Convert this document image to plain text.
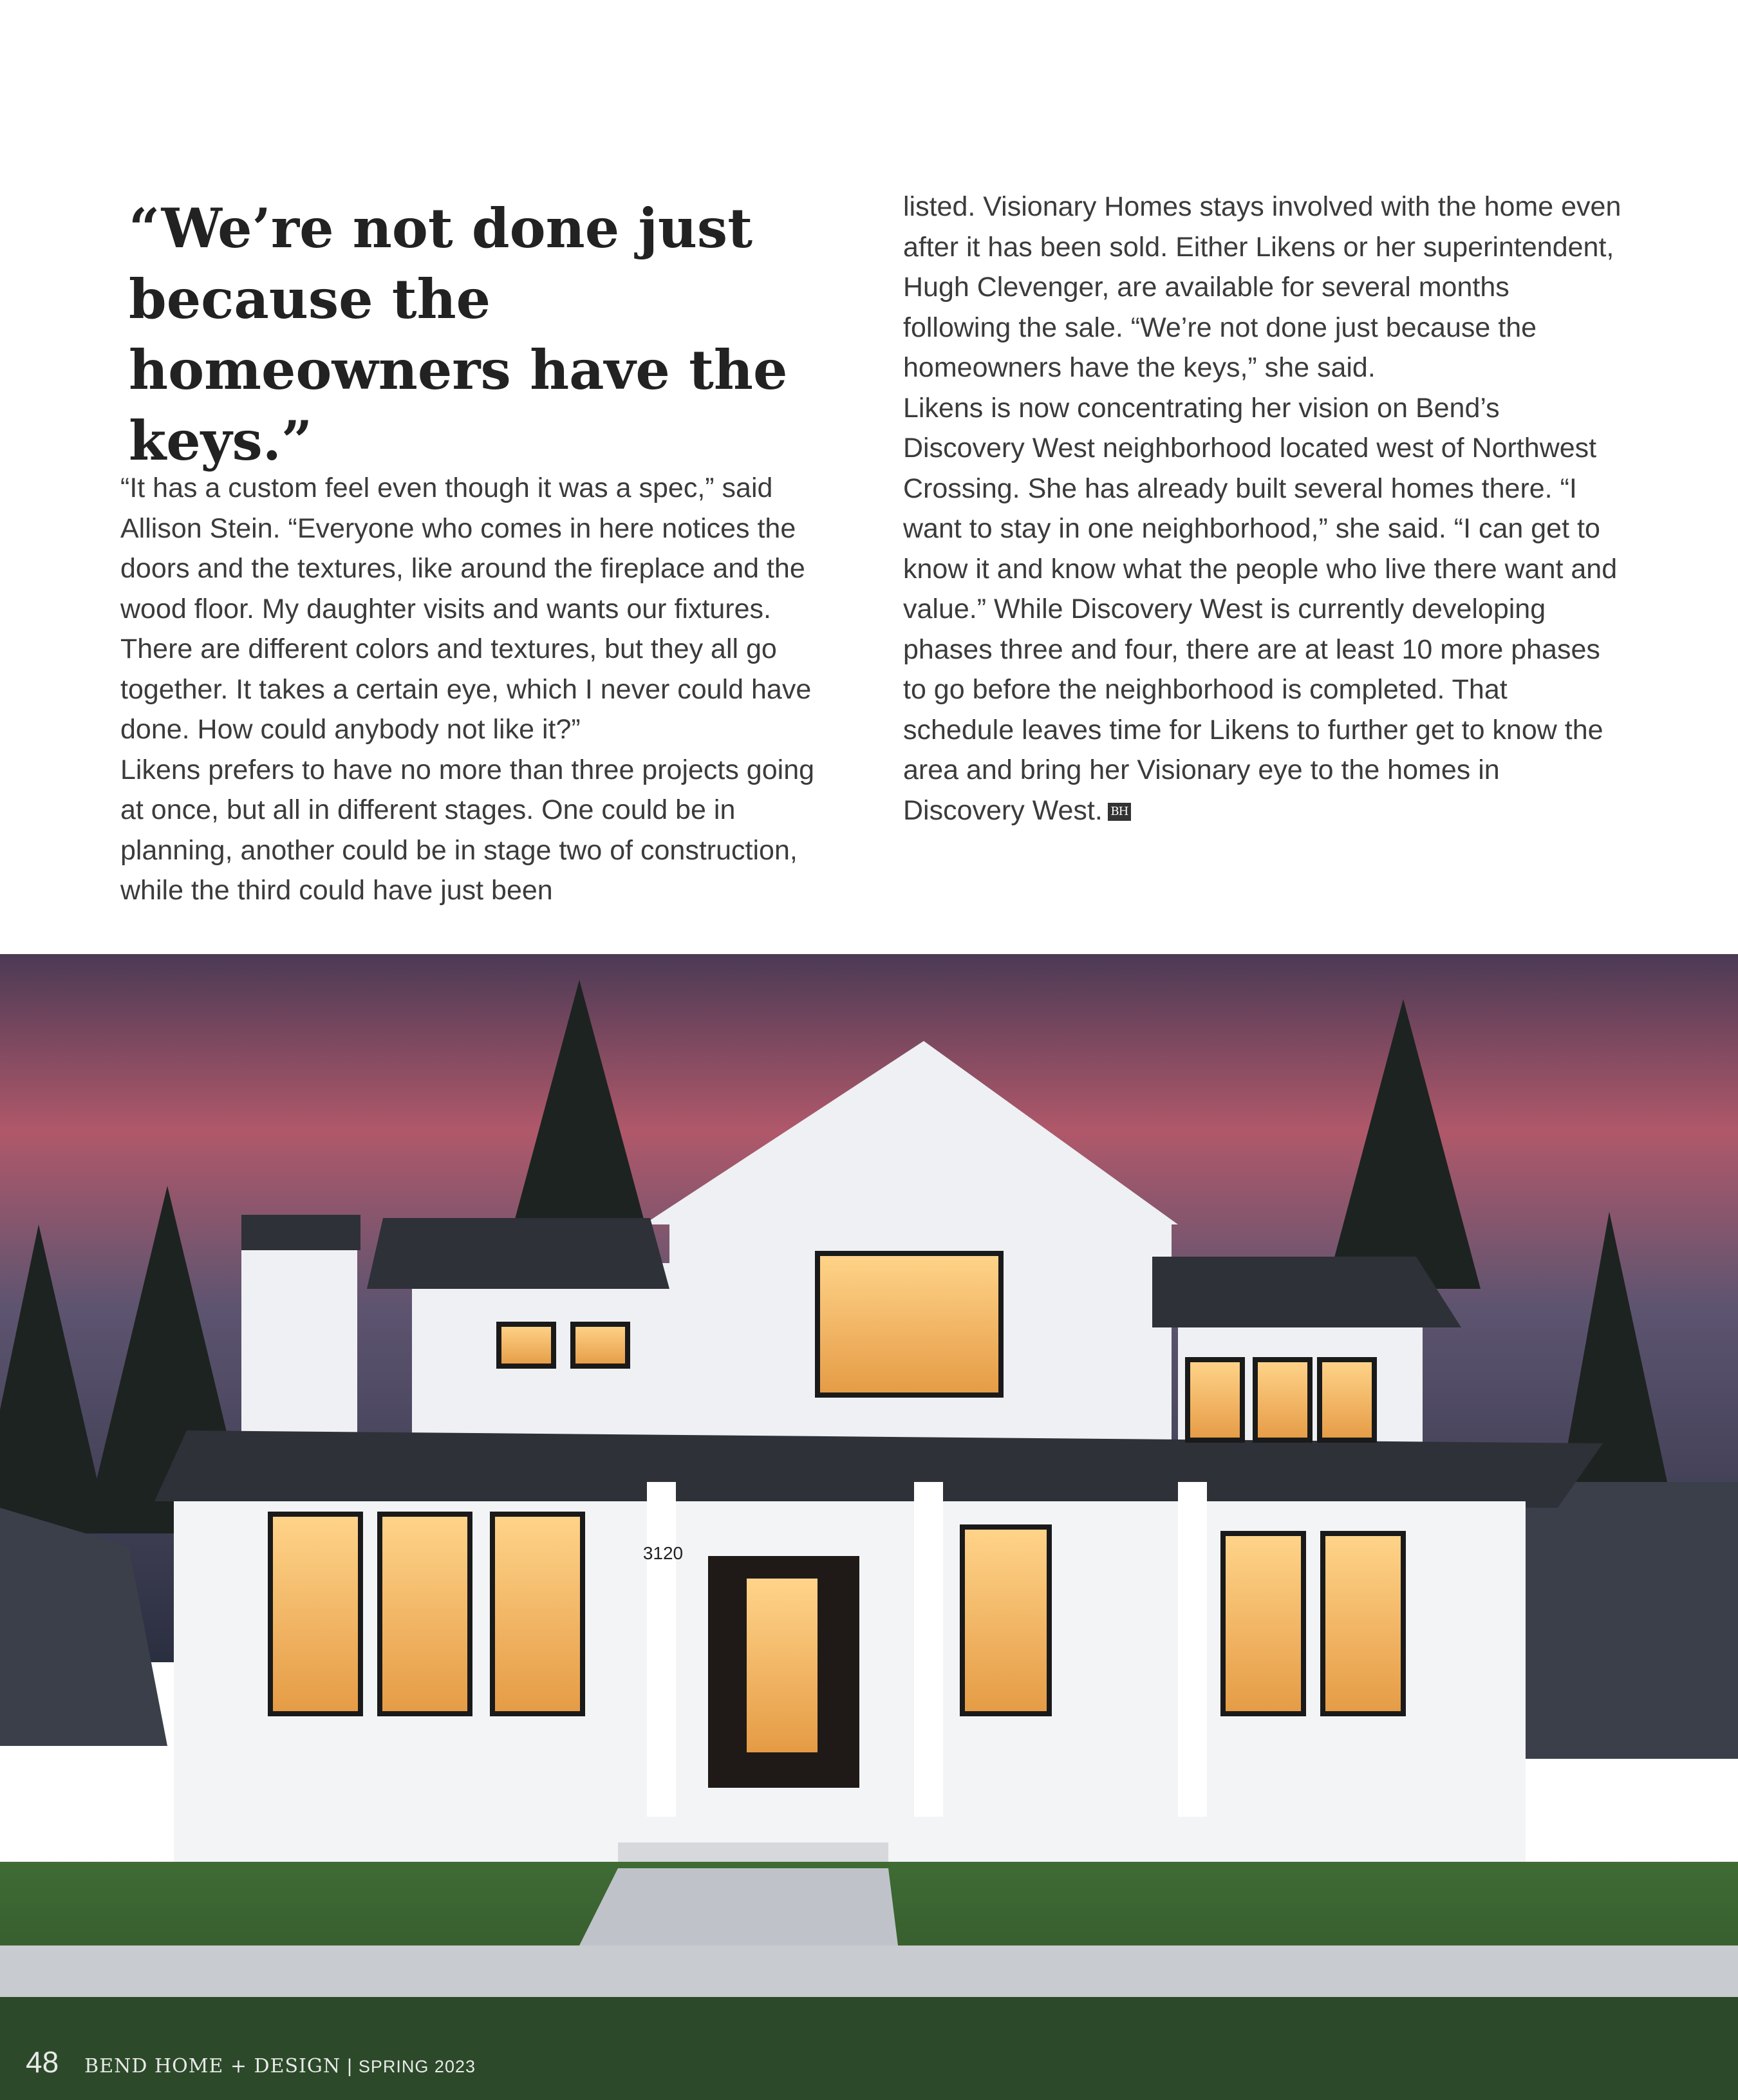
“We’re not done just because the homeowners have the keys.”

“It has a custom feel even though it was a spec,” said Allison Stein. “Everyone who comes in here notices the doors and the textures, like around the fireplace and the wood floor. My daughter visits and wants our fixtures. There are different colors and textures, but they all go together. It takes a certain eye, which I never could have done. How could anybody not like it?”

Likens prefers to have no more than three projects going at once, but all in different stages. One could be in planning, another could be in stage two of construction, while the third could have just been

listed. Visionary Homes stays involved with the home even after it has been sold. Either Likens or her superintendent, Hugh Clevenger, are available for several months following the sale. “We’re not done just because the homeowners have the keys,” she said.

Likens is now concentrating her vision on Bend’s Discovery West neighborhood located west of Northwest Crossing. She has already built several homes there. “I want to stay in one neighborhood,” she said. “I can get to know it and know what the people who live there want and value.” While Discovery West is currently developing phases three and four, there are at least 10 more phases to go before the neighborhood is completed. That schedule leaves time for Likens to further get to know the area and bring her Visionary eye to the homes in Discovery West. BH

3120
48 BEND HOME + DESIGN | SPRING 2023
